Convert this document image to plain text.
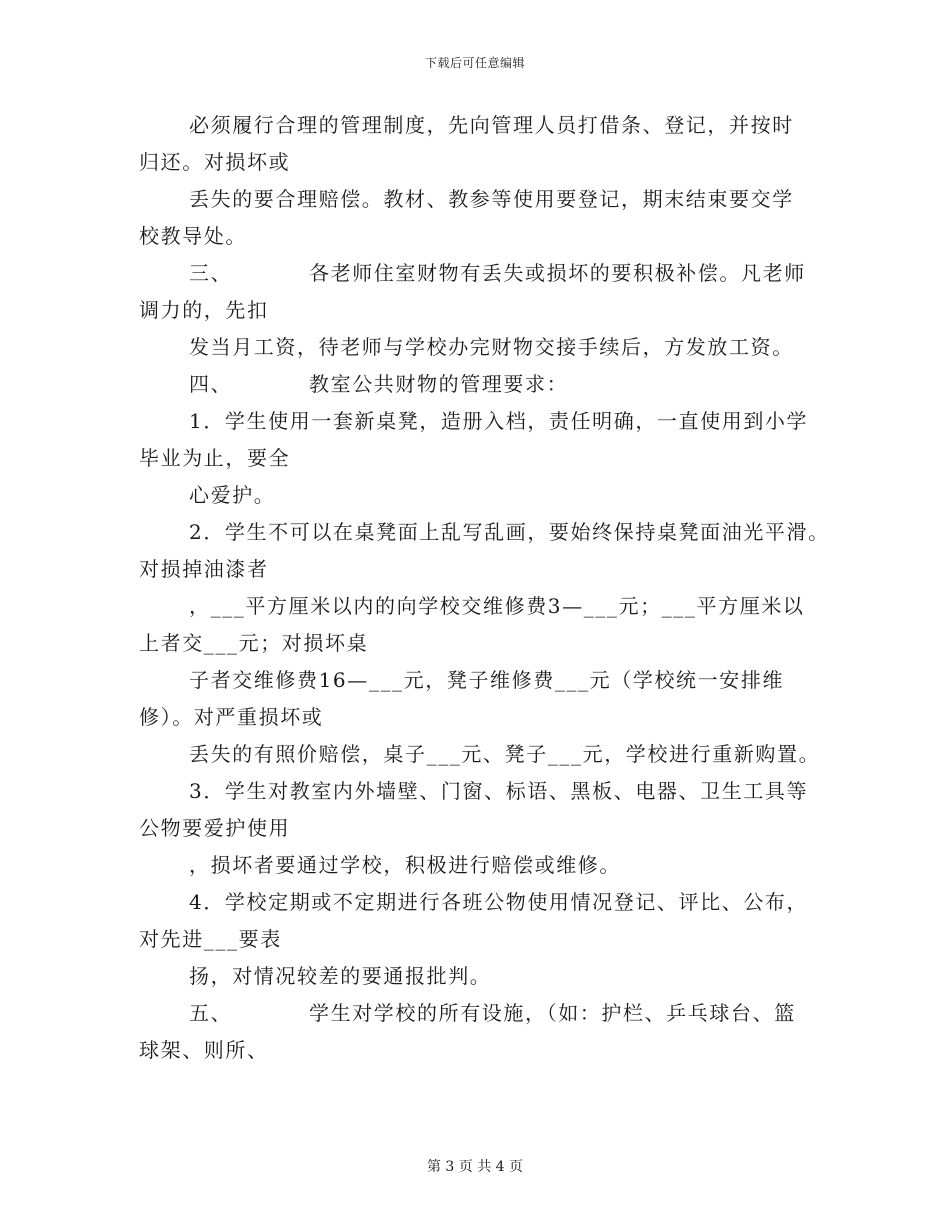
下载后可任意编辑
必须履行合理的管理制度，先向管理人员打借条、登记，并按时
归还。对损坏或
丢失的要合理赔偿。教材、教参等使用要登记，期末结束要交学
校教导处。
三、	各老师住室财物有丢失或损坏的要积极补偿。凡老师
调力的，先扣
发当月工资，待老师与学校办完财物交接手续后，方发放工资。
四、	教室公共财物的管理要求：
1．学生使用一套新桌凳，造册入档，责任明确，一直使用到小学
毕业为止，要全
心爱护。
2．学生不可以在桌凳面上乱写乱画，要始终保持桌凳面油光平滑。
对损掉油漆者
，___平方厘米以内的向学校交维修费3—___元；___平方厘米以
上者交___元；对损坏桌
子者交维修费16—___元，凳子维修费___元（学校统一安排维
修）。对严重损坏或
丢失的有照价赔偿，桌子___元、凳子___元，学校进行重新购置。
3．学生对教室内外墙壁、门窗、标语、黑板、电器、卫生工具等
公物要爱护使用
，损坏者要通过学校，积极进行赔偿或维修。
4．学校定期或不定期进行各班公物使用情况登记、评比、公布，
对先进___要表
扬，对情况较差的要通报批判。
五、	学生对学校的所有设施，（如：护栏、乒乓球台、篮
球架、则所、
第 3 页 共 4 页
